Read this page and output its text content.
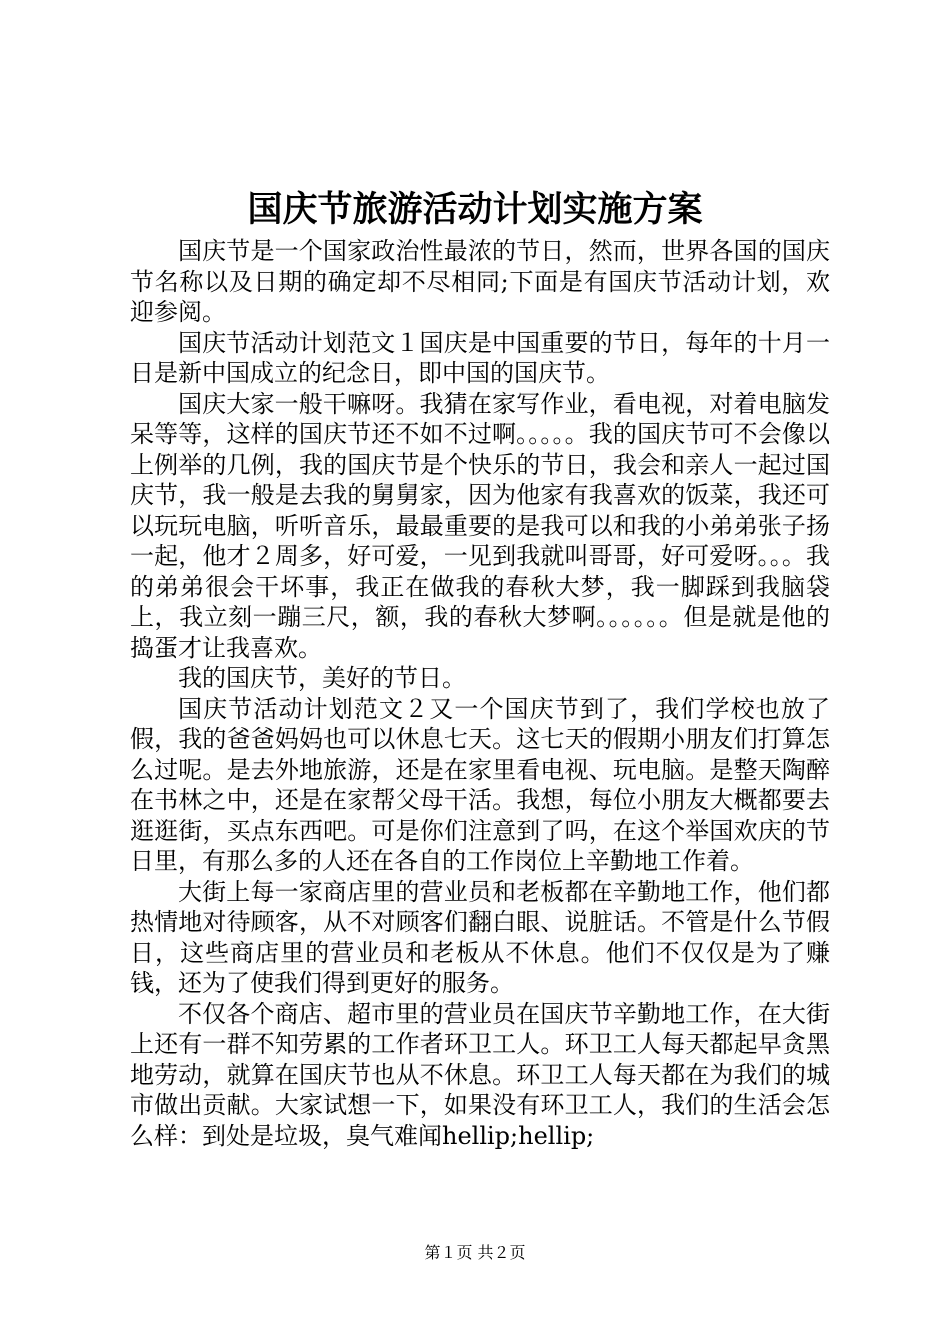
国庆节旅游活动计划实施方案

国庆节是一个国家政治性最浓的节日，然而，世界各国的国庆节名称以及日期的确定却不尽相同;下面是有国庆节活动计划，欢迎参阅。

国庆节活动计划范文１国庆是中国重要的节日，每年的十月一日是新中国成立的纪念日，即中国的国庆节。

国庆大家一般干嘛呀。我猜在家写作业，看电视，对着电脑发呆等等，这样的国庆节还不如不过啊。。。。。我的国庆节可不会像以上例举的几例，我的国庆节是个快乐的节日，我会和亲人一起过国庆节，我一般是去我的舅舅家，因为他家有我喜欢的饭菜，我还可以玩玩电脑，听听音乐，最最重要的是我可以和我的小弟弟张子扬一起，他才２周多，好可爱，一见到我就叫哥哥，好可爱呀。。。我的弟弟很会干坏事，我正在做我的春秋大梦，我一脚踩到我脑袋上，我立刻一蹦三尺，额，我的春秋大梦啊。。。。。。但是就是他的捣蛋才让我喜欢。

我的国庆节，美好的节日。

国庆节活动计划范文２又一个国庆节到了，我们学校也放了假，我的爸爸妈妈也可以休息七天。这七天的假期小朋友们打算怎么过呢。是去外地旅游，还是在家里看电视、玩电脑。是整天陶醉在书林之中，还是在家帮父母干活。我想，每位小朋友大概都要去逛逛街，买点东西吧。可是你们注意到了吗，在这个举国欢庆的节日里，有那么多的人还在各自的工作岗位上辛勤地工作着。

大街上每一家商店里的营业员和老板都在辛勤地工作，他们都热情地对待顾客，从不对顾客们翻白眼、说脏话。不管是什么节假日，这些商店里的营业员和老板从不休息。他们不仅仅是为了赚钱，还为了使我们得到更好的服务。

不仅各个商店、超市里的营业员在国庆节辛勤地工作，在大街上还有一群不知劳累的工作者环卫工人。环卫工人每天都起早贪黑地劳动，就算在国庆节也从不休息。环卫工人每天都在为我们的城市做出贡献。大家试想一下，如果没有环卫工人，我们的生活会怎么样：到处是垃圾，臭气难闻hellip;hellip;

第１页 共２页
